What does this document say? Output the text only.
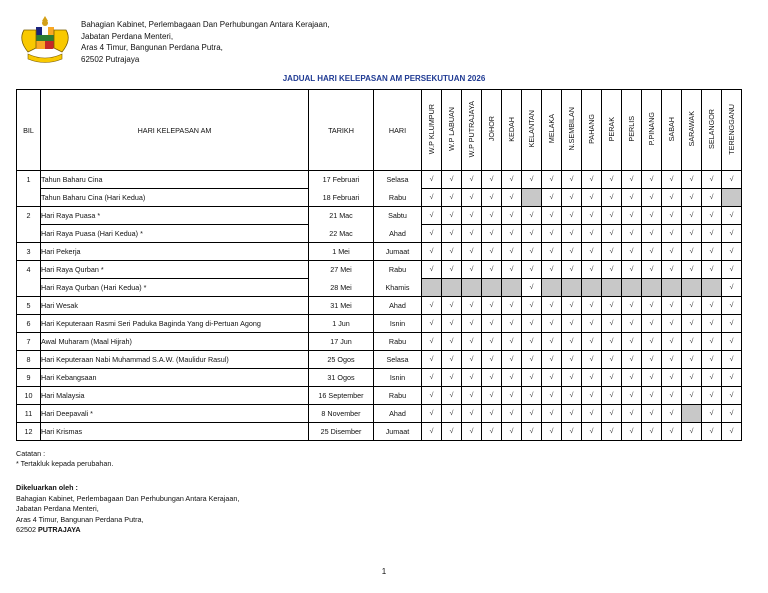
Bahagian Kabinet, Perlembagaan Dan Perhubungan Antara Kerajaan,
Jabatan Perdana Menteri,
Aras 4 Timur, Bangunan Perdana Putra,
62502 Putrajaya
JADUAL HARI KELEPASAN AM PERSEKUTUAN 2026
BIL	HARI KELEPASAN AM	TARIKH	HARI	W.P KLUMPUR	W.P LABUAN	W.P PUTRAJAYA	JOHOR	KEDAH	KELANTAN	MELAKA	N.SEMBILAN	PAHANG	PERAK	PERLIS	P.PINANG	SABAH	SARAWAK	SELANGOR	TERENGGANU
1	Tahun Baharu Cina	17 Februari	Selasa	√	√	√	√	√	√	√	√	√	√	√	√	√	√	√	√
	Tahun Baharu Cina (Hari Kedua)	18 Februari	Rabu	√	√	√	√	√		√	√	√	√	√	√	√	√	√	
2	Hari Raya Puasa *	21 Mac	Sabtu	√	√	√	√	√	√	√	√	√	√	√	√	√	√	√	√
	Hari Raya Puasa (Hari Kedua) *	22 Mac	Ahad	√	√	√	√	√	√	√	√	√	√	√	√	√	√	√	√
3	Hari Pekerja	1 Mei	Jumaat	√	√	√	√	√	√	√	√	√	√	√	√	√	√	√	√
4	Hari Raya Qurban *	27 Mei	Rabu	√	√	√	√	√	√	√	√	√	√	√	√	√	√	√	√
	Hari Raya Qurban (Hari Kedua) *	28 Mei	Khamis						√										√
5	Hari Wesak	31 Mei	Ahad	√	√	√	√	√	√	√	√	√	√	√	√	√	√	√	√
6	Hari Keputeraan Rasmi Seri Paduka Baginda Yang di-Pertuan Agong	1 Jun	Isnin	√	√	√	√	√	√	√	√	√	√	√	√	√	√	√	√
7	Awal Muharam (Maal Hijrah)	17 Jun	Rabu	√	√	√	√	√	√	√	√	√	√	√	√	√	√	√	√
8	Hari Keputeraan Nabi Muhammad S.A.W. (Maulidur Rasul)	25 Ogos	Selasa	√	√	√	√	√	√	√	√	√	√	√	√	√	√	√	√
9	Hari Kebangsaan	31 Ogos	Isnin	√	√	√	√	√	√	√	√	√	√	√	√	√	√	√	√
10	Hari Malaysia	16 September	Rabu	√	√	√	√	√	√	√	√	√	√	√	√	√	√	√	√
11	Hari Deepavali *	8 November	Ahad	√	√	√	√	√	√	√	√	√	√	√	√	√		√	√
12	Hari Krismas	25 Disember	Jumaat	√	√	√	√	√	√	√	√	√	√	√	√	√	√	√	√
Catatan :
* Tertakluk kepada perubahan.
Dikeluarkan oleh :
Bahagian Kabinet, Perlembagaan Dan Perhubungan Antara Kerajaan,
Jabatan Perdana Menteri,
Aras 4 Timur, Bangunan Perdana Putra,
62502 PUTRAJAYA
1
